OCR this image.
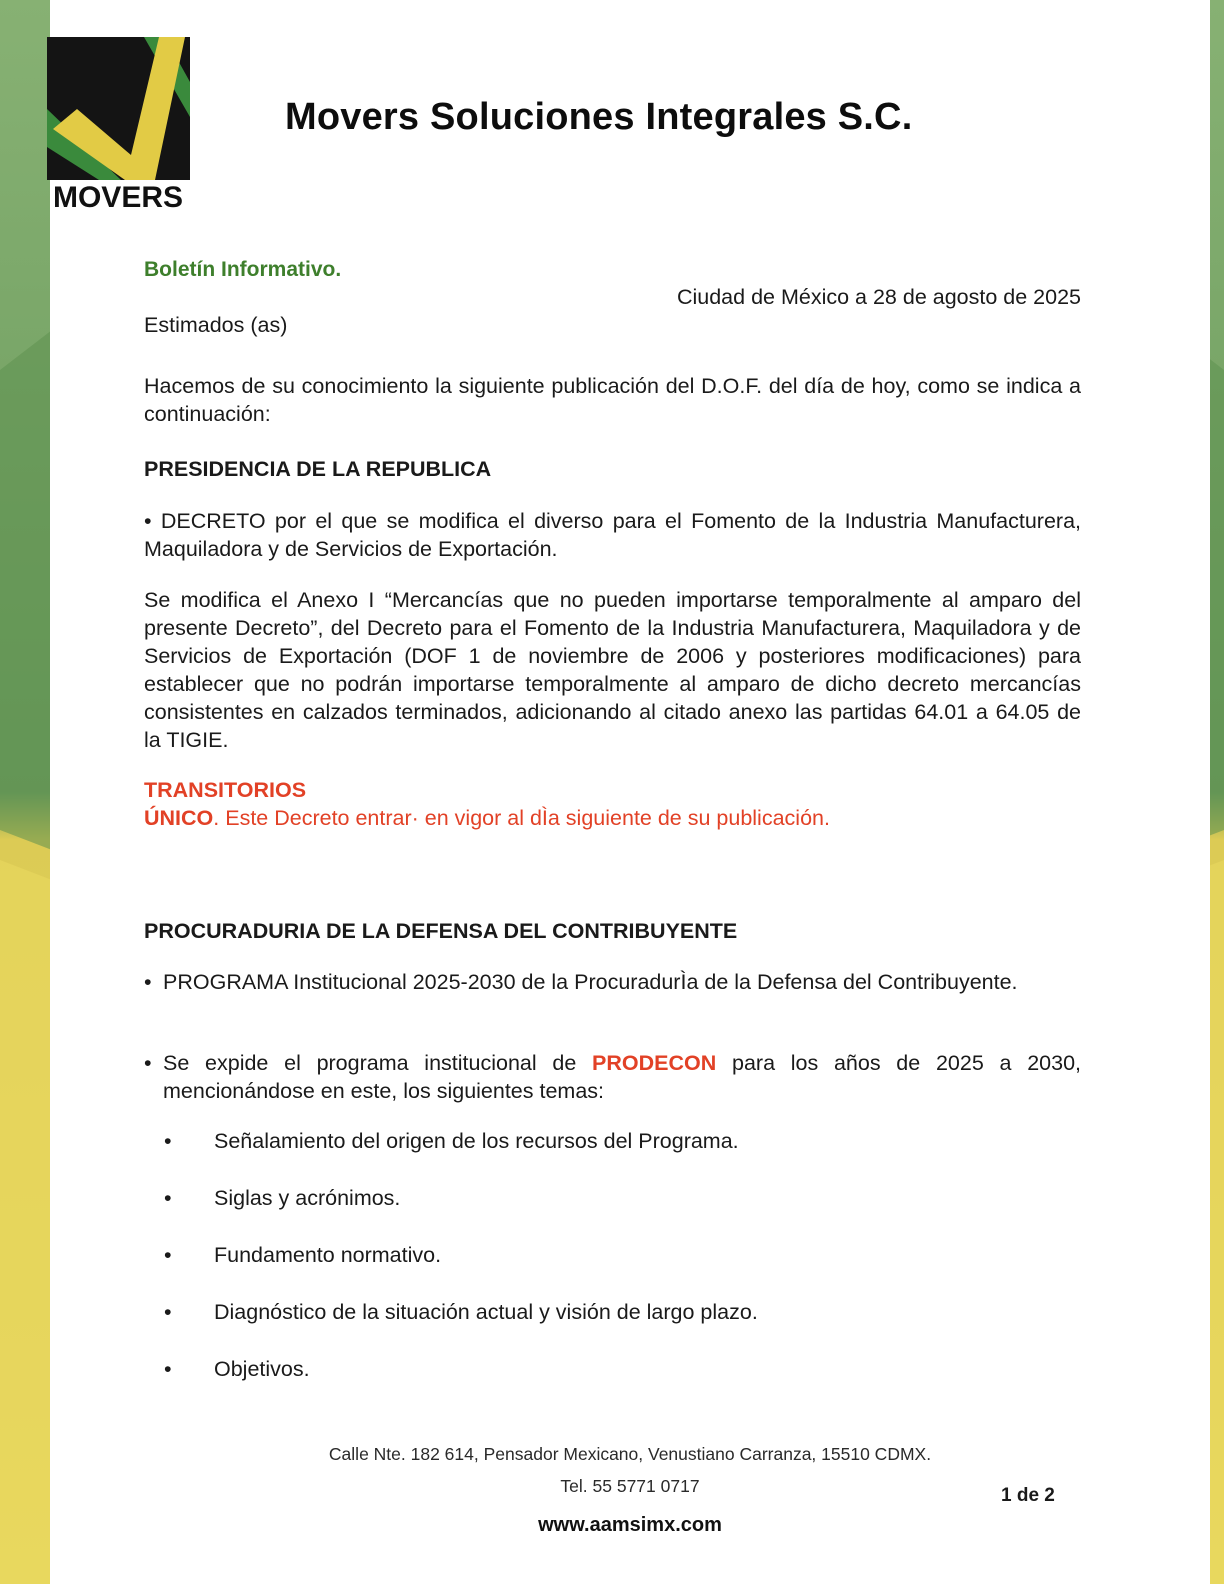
MOVERS
Movers Soluciones Integrales S.C.
Boletín Informativo.
Ciudad de México a 28 de agosto de 2025
Estimados (as)

Hacemos de su conocimiento la siguiente publicación del D.O.F. del día de hoy, como se indica a continuación:

PRESIDENCIA DE LA REPUBLICA

• DECRETO por el que se modifica el diverso para el Fomento de la Industria Manufacturera, Maquiladora y de Servicios de Exportación.

Se modifica el Anexo I “Mercancías que no pueden importarse temporalmente al amparo del presente Decreto”, del Decreto para el Fomento de la Industria Manufacturera, Maquiladora y de Servicios de Exportación (DOF 1 de noviembre de 2006 y posteriores modificaciones) para establecer que no podrán importarse temporalmente al amparo de dicho decreto mercancías consistentes en calzados terminados, adicionando al citado anexo las partidas 64.01 a 64.05 de la TIGIE.

TRANSITORIOS

ÚNICO. Este Decreto entrar· en vigor al dÌa siguiente de su publicación.

PROCURADURIA DE LA DEFENSA DEL CONTRIBUYENTE

• PROGRAMA Institucional 2025-2030 de la ProcuradurÌa de la Defensa del Contribuyente.
• Se expide el programa institucional de PRODECON para los años de 2025 a 2030, mencionándose en este, los siguientes temas:
•	Señalamiento del origen de los recursos del Programa.
•	Siglas y acrónimos.
•	Fundamento normativo.
•	Diagnóstico de la situación actual y visión de largo plazo.
•	Objetivos.
Calle Nte. 182 614, Pensador Mexicano, Venustiano Carranza, 15510 CDMX.
Tel. 55 5771 0717	1 de 2
www.aamsimx.com
